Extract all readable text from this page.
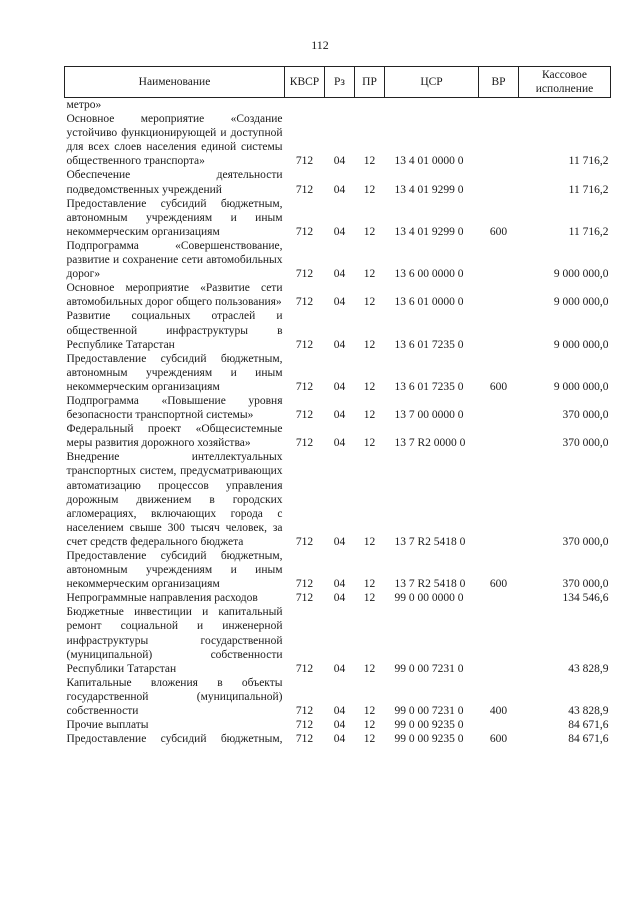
112
Наименование	КВСР	Рз	ПР	ЦСР	ВР	Кассовое исполнение
метро»						
Основное мероприятие «Создание устойчиво функционирующей и доступной для всех слоев населения единой системы общественного транспорта»	712	04	12	13 4 01 0000 0		11 716,2
Обеспечение деятельности подведомственных учреждений	712	04	12	13 4 01 9299 0		11 716,2
Предоставление субсидий бюджетным, автономным учреждениям и иным некоммерческим организациям	712	04	12	13 4 01 9299 0	600	11 716,2
Подпрограмма «Совершенствование, развитие и сохранение сети автомобильных дорог»	712	04	12	13 6 00 0000 0		9 000 000,0
Основное мероприятие «Развитие сети автомобильных дорог общего пользования»	712	04	12	13 6 01 0000 0		9 000 000,0
Развитие социальных отраслей и общественной инфраструктуры в Республике Татарстан	712	04	12	13 6 01 7235 0		9 000 000,0
Предоставление субсидий бюджетным, автономным учреждениям и иным некоммерческим организациям	712	04	12	13 6 01 7235 0	600	9 000 000,0
Подпрограмма «Повышение уровня безопасности транспортной системы»	712	04	12	13 7 00 0000 0		370 000,0
Федеральный проект «Общесистемные меры развития дорожного хозяйства»	712	04	12	13 7 R2 0000 0		370 000,0
Внедрение интеллектуальных транспортных систем, предусматривающих автоматизацию процессов управления дорожным движением в городских агломерациях, включающих города с населением свыше 300 тысяч человек, за счет средств федерального бюджета	712	04	12	13 7 R2 5418 0		370 000,0
Предоставление субсидий бюджетным, автономным учреждениям и иным некоммерческим организациям	712	04	12	13 7 R2 5418 0	600	370 000,0
Непрограммные направления расходов	712	04	12	99 0 00 0000 0		134 546,6
Бюджетные инвестиции и капитальный ремонт социальной и инженерной инфраструктуры государственной (муниципальной) собственности Республики Татарстан	712	04	12	99 0 00 7231 0		43 828,9
Капитальные вложения в объекты государственной (муниципальной) собственности	712	04	12	99 0 00 7231 0	400	43 828,9
Прочие выплаты	712	04	12	99 0 00 9235 0		84 671,6
Предоставление субсидий бюджетным,	712	04	12	99 0 00 9235 0	600	84 671,6
